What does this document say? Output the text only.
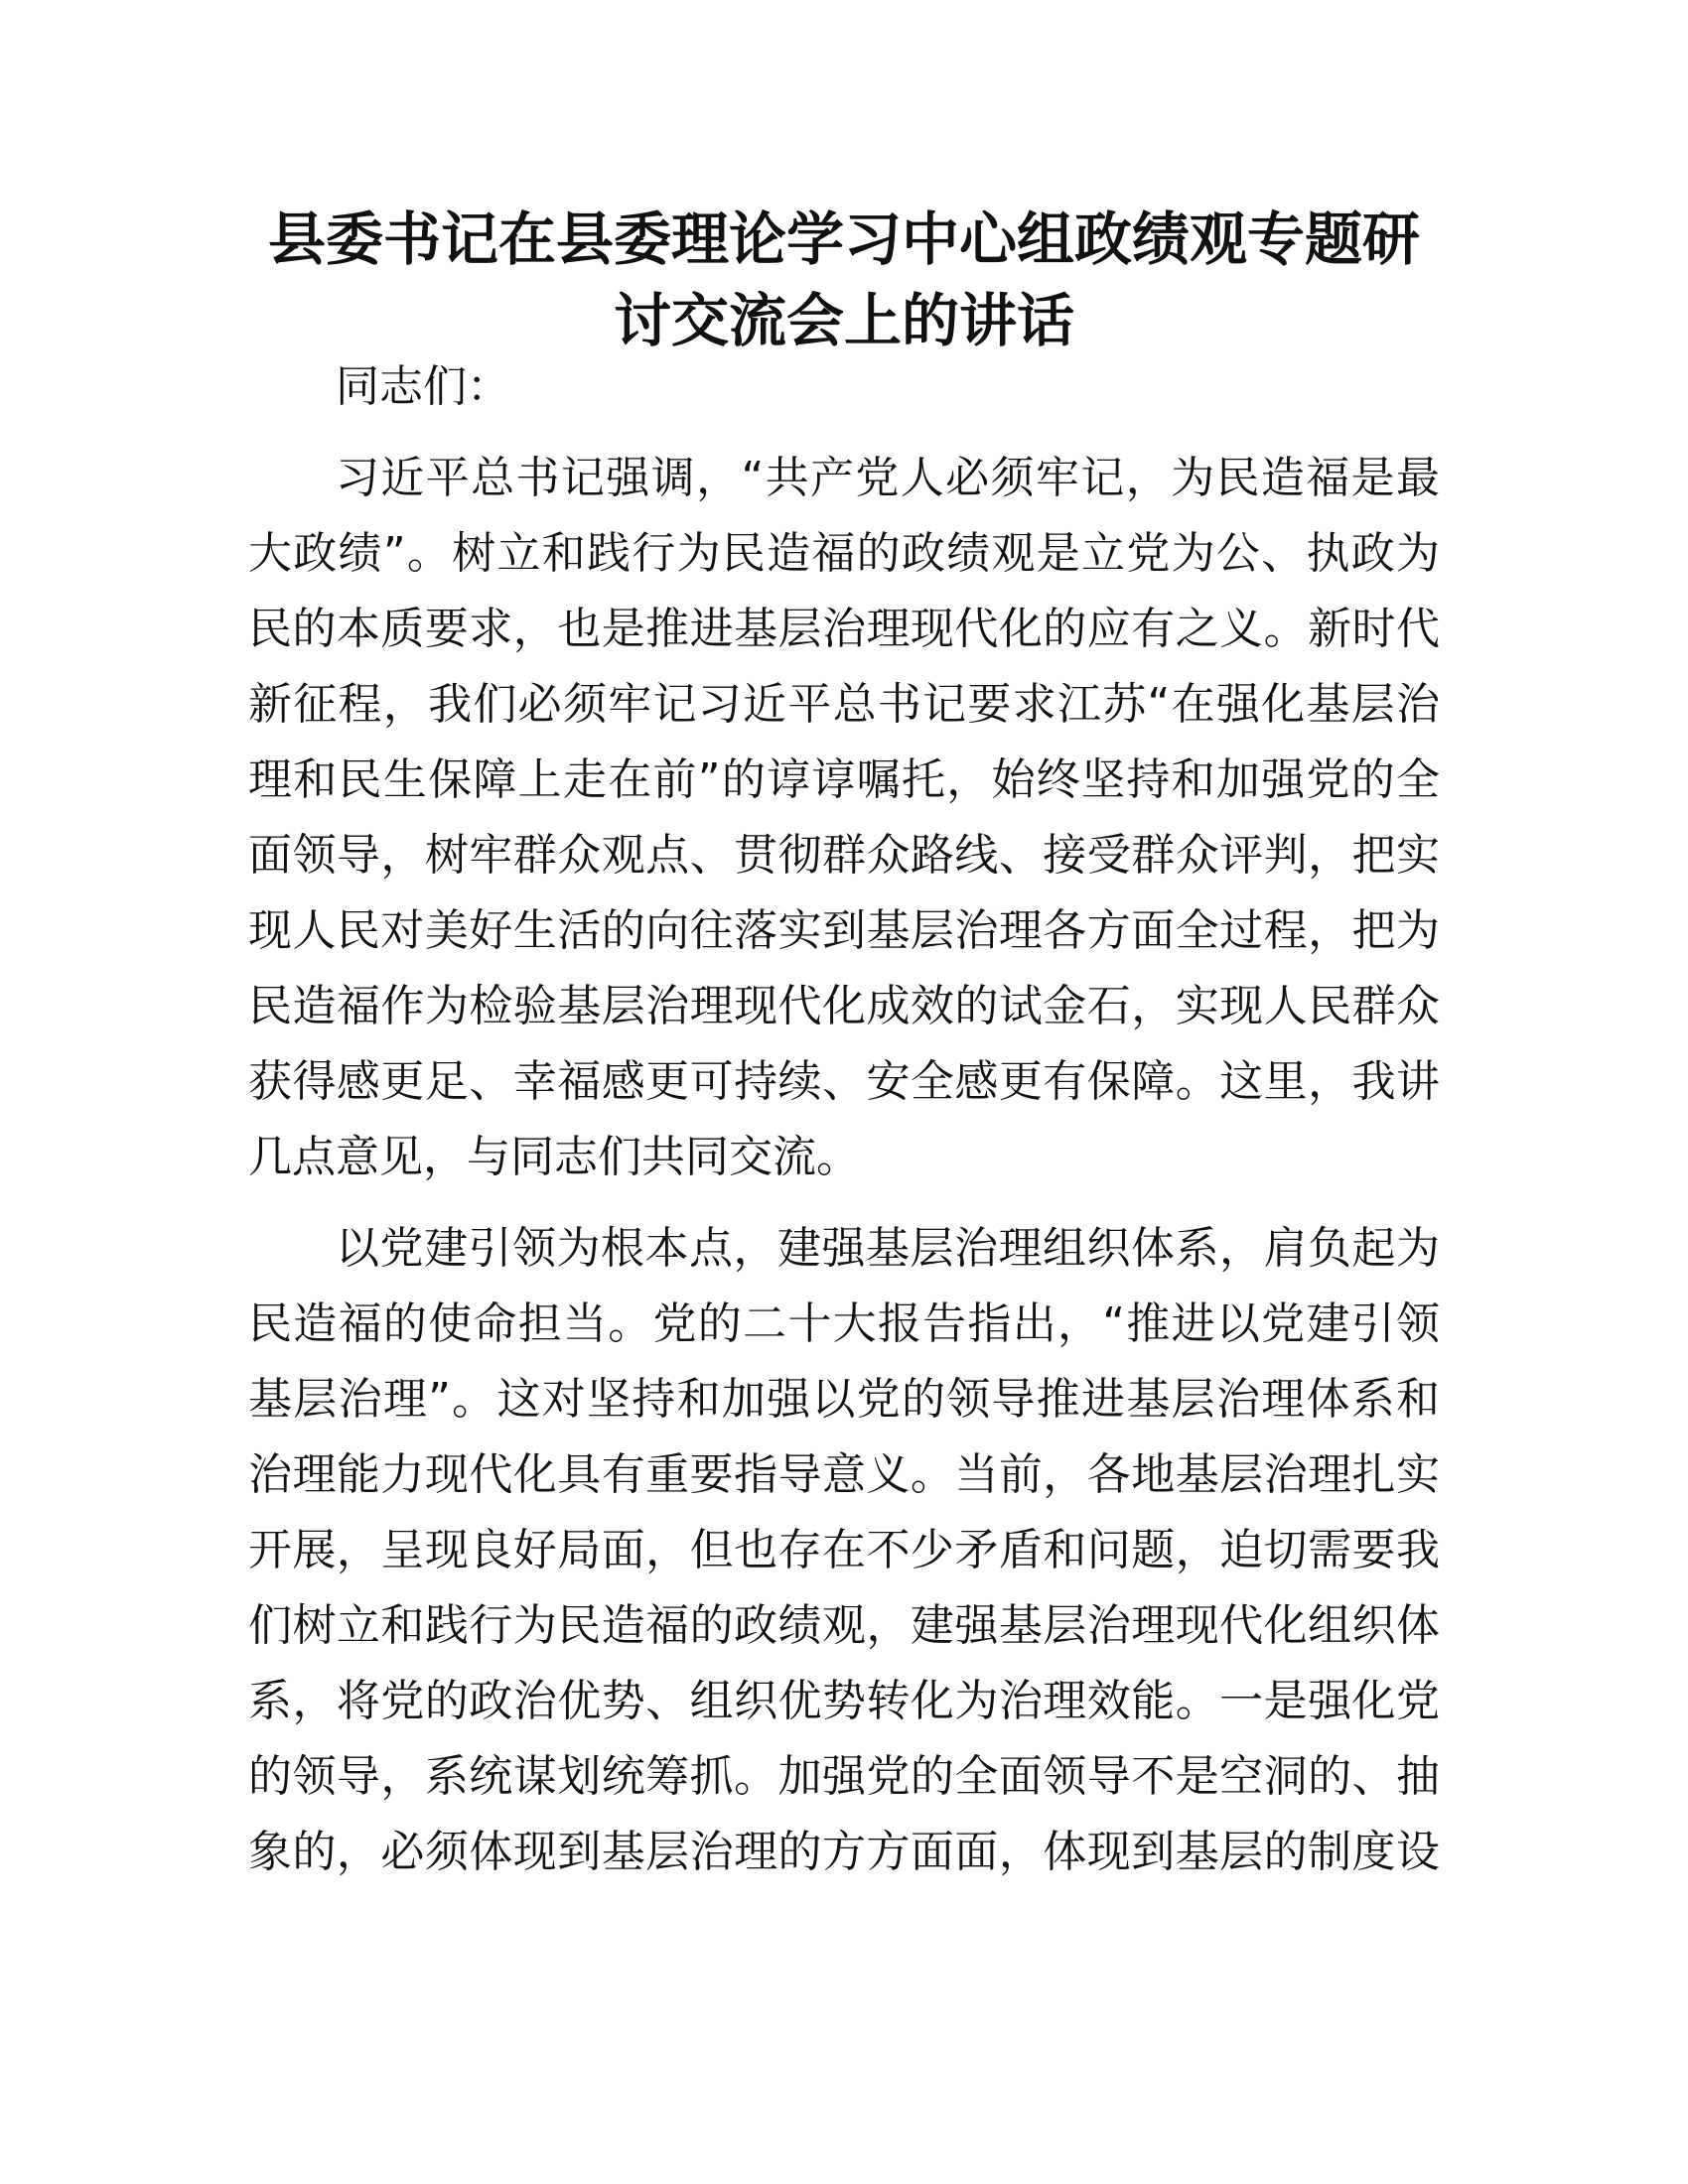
县委书记在县委理论学习中心组政绩观专题研
讨交流会上的讲话

同志们：

习近平总书记强调，“共产党人必须牢记，为民造福是最
大政绩”。树立和践行为民造福的政绩观是立党为公、执政为
民的本质要求，也是推进基层治理现代化的应有之义。新时代
新征程，我们必须牢记习近平总书记要求江苏“在强化基层治
理和民生保障上走在前”的谆谆嘱托，始终坚持和加强党的全
面领导，树牢群众观点、贯彻群众路线、接受群众评判，把实
现人民对美好生活的向往落实到基层治理各方面全过程，把为
民造福作为检验基层治理现代化成效的试金石，实现人民群众
获得感更足、幸福感更可持续、安全感更有保障。这里，我讲
几点意见，与同志们共同交流。

以党建引领为根本点，建强基层治理组织体系，肩负起为
民造福的使命担当。党的二十大报告指出，“推进以党建引领
基层治理”。这对坚持和加强以党的领导推进基层治理体系和
治理能力现代化具有重要指导意义。当前，各地基层治理扎实
开展，呈现良好局面，但也存在不少矛盾和问题，迫切需要我
们树立和践行为民造福的政绩观，建强基层治理现代化组织体
系，将党的政治优势、组织优势转化为治理效能。一是强化党
的领导，系统谋划统筹抓。加强党的全面领导不是空洞的、抽
象的，必须体现到基层治理的方方面面，体现到基层的制度设
